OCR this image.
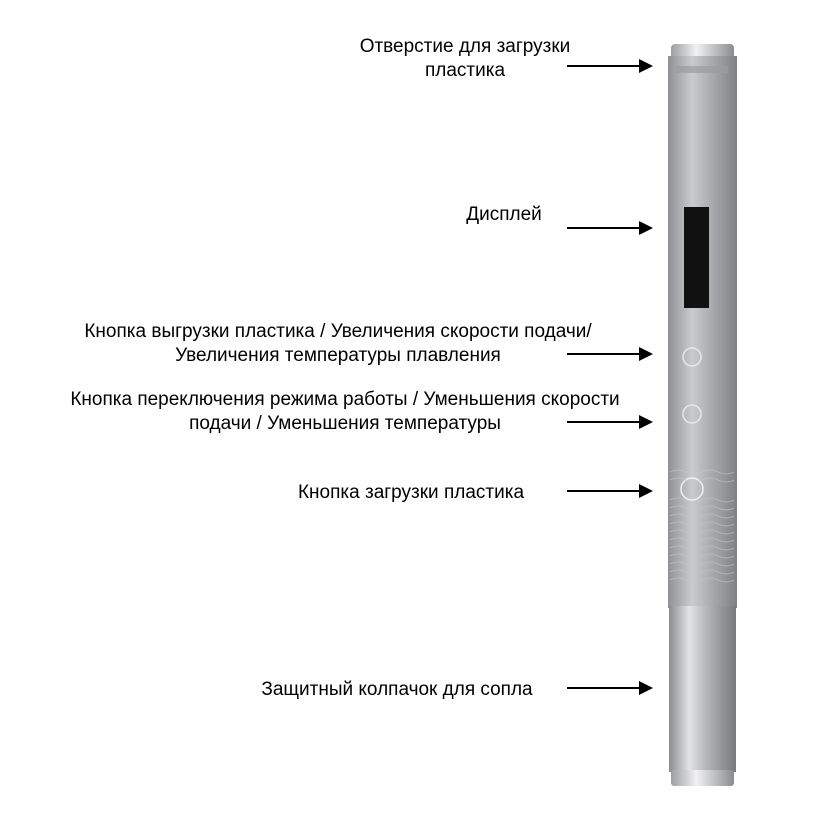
Отверстие для загрузки
пластика
Дисплей
Кнопка выгрузки пластика / Увеличения скорости подачи/
Увеличения температуры плавления
Кнопка переключения режима работы / Уменьшения скорости
подачи / Уменьшения температуры
Кнопка загрузки пластика
Защитный колпачок для сопла
